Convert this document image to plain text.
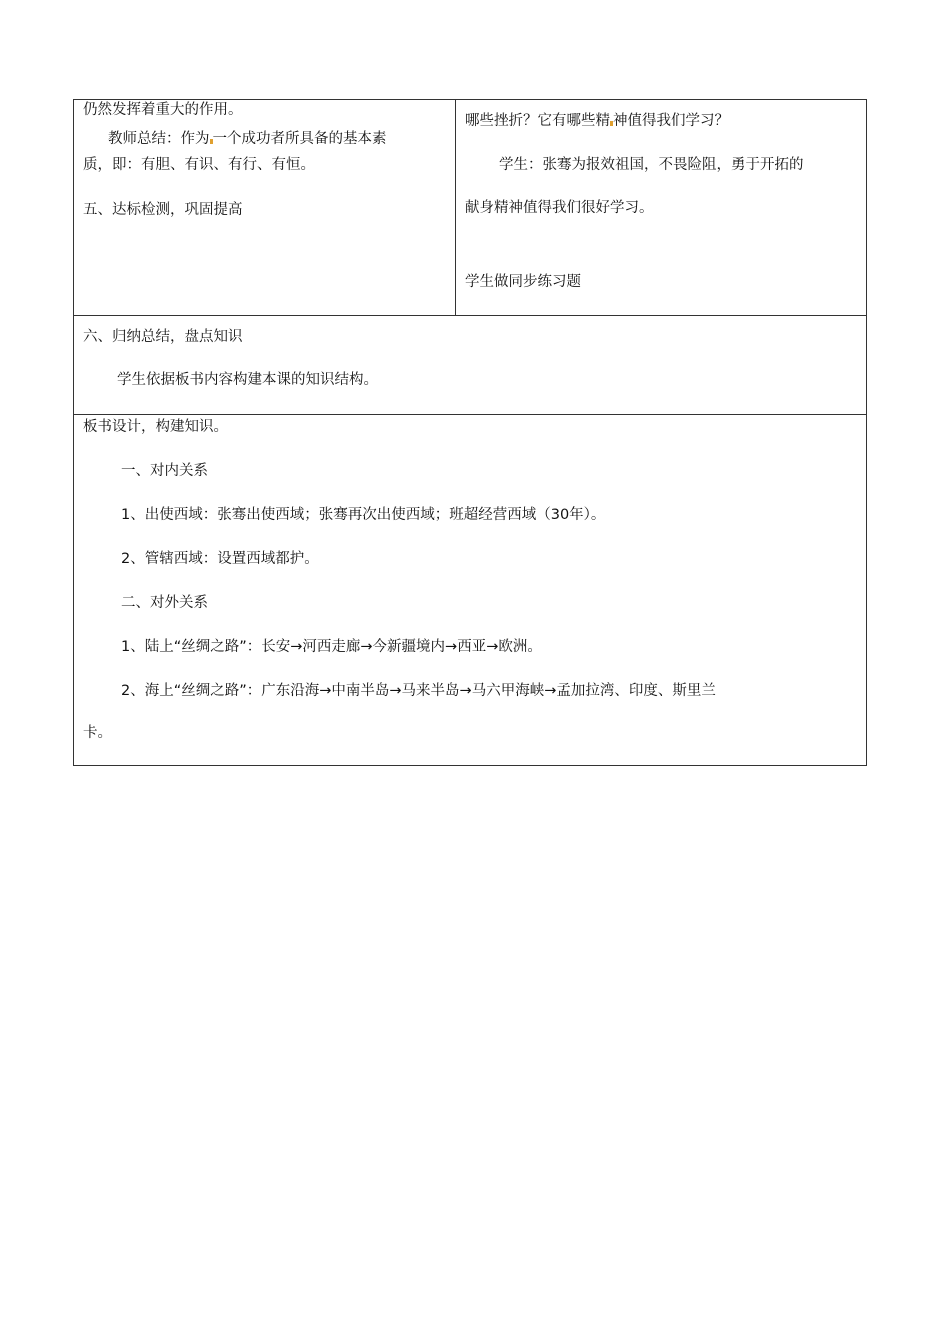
仍然发挥着重大的作用。
教师总结：作为 一个成功者所具备的基本素
质，即：有胆、有识、有行、有恒。
五、达标检测，巩固提高

哪些挫折？它有哪些精 神值得我们学习？
学生：张骞为报效祖国，不畏险阻，勇于开拓的
献身精神值得我们很好学习。
学生做同步练习题

六、归纳总结，盘点知识
学生依据板书内容构建本课的知识结构。

板书设计，构建知识。
一、对内关系
1、出使西域：张骞出使西域；张骞再次出使西域；班超经营西域（30年）。
2、管辖西域：设置西域都护。
二、对外关系
1、陆上“丝绸之路”：长安→河西走廊→今新疆境内→西亚→欧洲。
2、海上“丝绸之路”：广东沿海→中南半岛→马来半岛→马六甲海峡→孟加拉湾、印度、斯里兰
卡。
